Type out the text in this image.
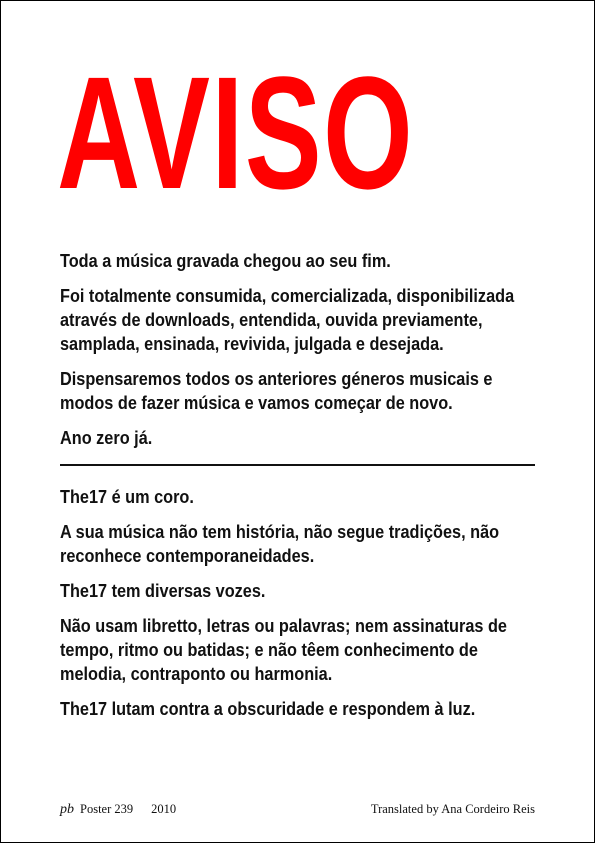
AVISO

Toda a música gravada chegou ao seu fim.

Foi totalmente consumida, comercializada, disponibilizada através de downloads, entendida, ouvida previamente, samplada, ensinada, revivida, julgada e desejada.

Dispensaremos todos os anteriores géneros musicais e modos de fazer música e vamos começar de novo.

Ano zero já.

The17 é um coro.

A sua música não tem história, não segue tradições, não reconhece contemporaneidades.

The17 tem diversas vozes.

Não usam libretto, letras ou palavras; nem assinaturas de tempo, ritmo ou batidas; e não têem conhecimento de melodia, contraponto ou harmonia.

The17 lutam contra a obscuridade e respondem à luz.

pb Poster 239 2010	Translated by Ana Cordeiro Reis
